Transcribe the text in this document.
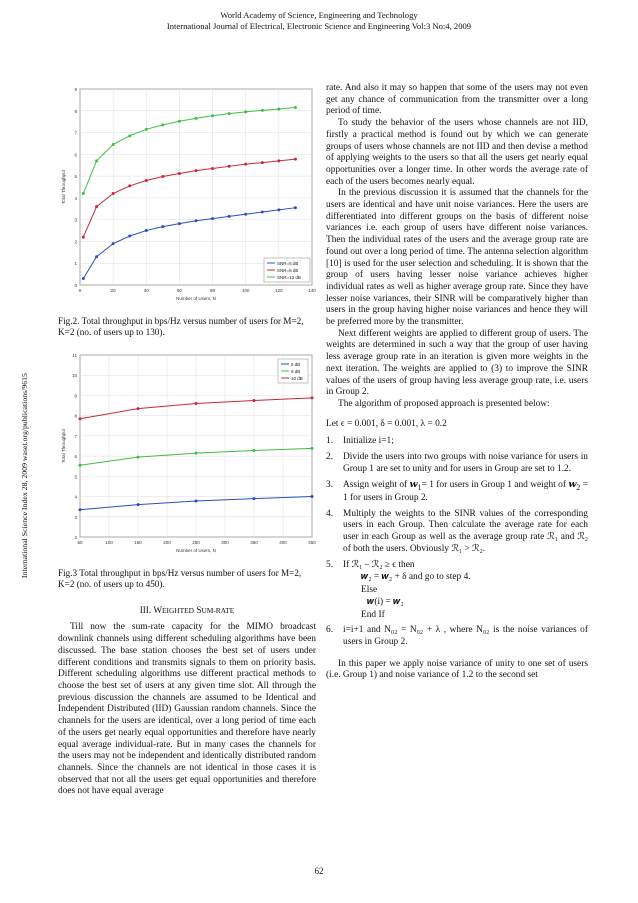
World Academy of Science, Engineering and Technology
International Journal of Electrical, Electronic Science and Engineering Vol:3 No:4, 2009
International Science Index 28, 2009 waset.org/publications/9615
0
1
2
3
4
5
6
7
8
9
0	20	40	60	80	100	120	140
Number of Users, N
Total Throughput
SNR=5 dB
SNR=8 dB
SNR=10 dB

Fig.2. Total throughput in bps/Hz versus number of users for M=2, K=2 (no. of users up to 130).

2
3
4
5
6
7
8
9
10
11
50	100	150	200	250	300	350	400	450
Number of Users, N
Total Throughput
5 dB
8 dB
10 dB

Fig.3 Total throughput in bps/Hz versus number of users for M=2, K=2 (no. of users up to 450).

III. WEIGHTED SUM-RATE

Till now the sum-rate capacity for the MIMO broadcast downlink channels using different scheduling algorithms have been discussed. The base station chooses the best set of users under different conditions and transmits signals to them on priority basis. Different scheduling algorithms use different practical methods to choose the best set of users at any given time slot. All through the previous discussion the channels are assumed to be Identical and Independent Distributed (IID) Gaussian random channels. Since the channels for the users are identical, over a long period of time each of the users get nearly equal opportunities and therefore have nearly equal average individual-rate. But in many cases the channels for the users may not be independent and identically distributed random channels. Since the channels are not identical in those cases it is observed that not all the users get equal opportunities and therefore does not have equal average

rate. And also it may so happen that some of the users may not even get any chance of communication from the transmitter over a long period of time.

To study the behavior of the users whose channels are not IID, firstly a practical method is found out by which we can generate groups of users whose channels are not IID and then devise a method of applying weights to the users so that all the users get nearly equal opportunities over a longer time. In other words the average rate of each of the users becomes nearly equal.

In the previous discussion it is assumed that the channels for the users are identical and have unit noise variances. Here the users are differentiated into different groups on the basis of different noise variances i.e. each group of users have different noise variances. Then the individual rates of the users and the average group rate are found out over a long period of time. The antenna selection algorithm [10] is used for the user selection and scheduling. It is shown that the group of users having lesser noise variance achieves higher individual rates as well as higher average group rate. Since they have lesser noise variances, their SINR will be comparatively higher than users in the group having higher noise variances and hence they will be preferred more by the transmitter.

Next different weights are applied to different group of users. The weights are determined in such a way that the group of user having less average group rate in an iteration is given more weights in the next iteration. The weights are applied to (3) to improve the SINR values of the users of group having less average group rate, i.e. users in Group 2.

The algorithm of proposed approach is presented below:

Let ϵ = 0.001, δ = 0.001, λ = 0.2

1.	Initialize i=1;
2.	Divide the users into two groups with noise variance for users in Group 1 are set to unity and for users in Group are set to 1.2.
3.	Assign weight of 𝒘$_1$= 1 for users in Group 1 and weight of 𝒘$_2$ = 1 for users in Group 2.
4.	Multiply the weights to the SINR values of the corresponding users in each Group. Then calculate the average rate for each user in each Group as well as the average group rate ℛ₁ and ℛ₂ of both the users. Obviously ℛ₁ > ℛ₂.
5.	If ℛ₁ – ℛ₂ ≥ ϵ then
𝒘₂ = 𝒘₂ + δ and go to step 4.
Else
𝒘(i) = 𝒘₂
End If
6.	i=i+1 and N₀₂ = N₀₂ + λ , where N₀₂ is the noise variances of users in Group 2.

In this paper we apply noise variance of unity to one set of users (i.e. Group 1) and noise variance of 1.2 to the second set

62
